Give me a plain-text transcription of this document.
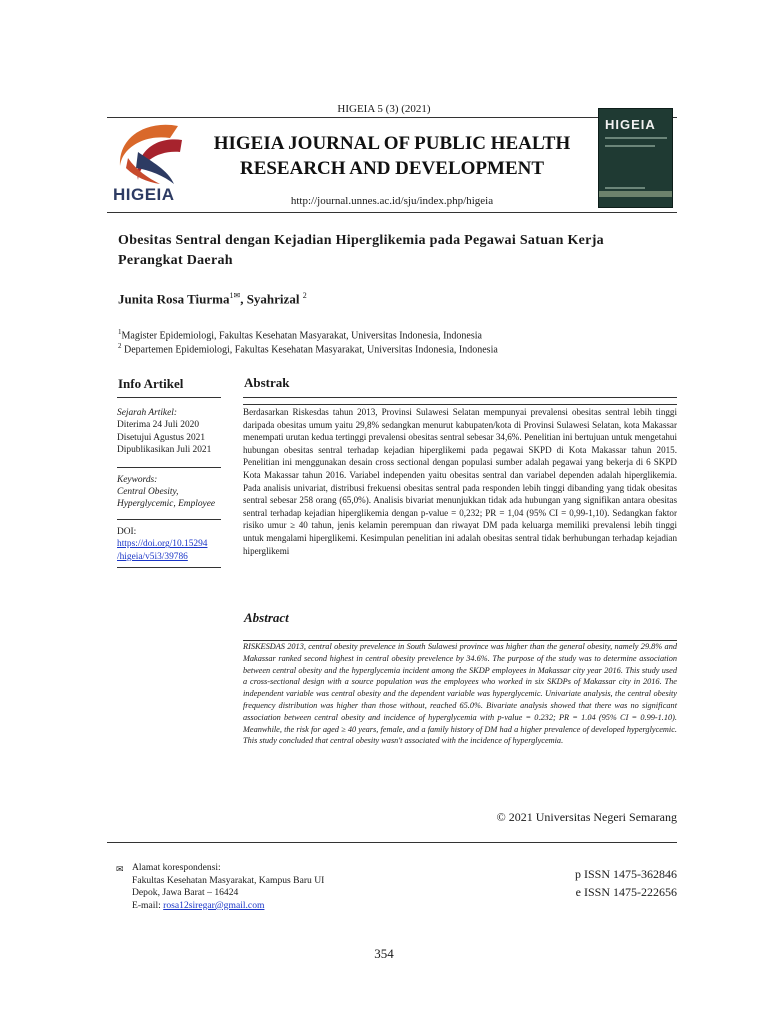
HIGEIA 5 (3) (2021)
HIGEIA
HIGEIA JOURNAL OF PUBLIC HEALTH
RESEARCH AND DEVELOPMENT
http://journal.unnes.ac.id/sju/index.php/higeia
HIGEIA
Obesitas Sentral dengan Kejadian Hiperglikemia pada Pegawai Satuan Kerja
Perangkat Daerah
Junita Rosa Tiurma$^{1✉}$, Syahrizal $^2$
$^1$Magister Epidemiologi, Fakultas Kesehatan Masyarakat, Universitas Indonesia, Indonesia
$^2$ Departemen Epidemiologi, Fakultas Kesehatan Masyarakat, Universitas Indonesia, Indonesia
Info Artikel	Abstrak
Sejarah Artikel:
Diterima 24 Juli 2020
Disetujui Agustus 2021
Dipublikasikan Juli 2021
Keywords:
Central Obesity,
Hyperglycemic, Employee
DOI:
https://doi.org/10.15294
/higeia/v5i3/39786
Berdasarkan Riskesdas tahun 2013, Provinsi Sulawesi Selatan mempunyai prevalensi obesitas sentral lebih tinggi daripada obesitas umum yaitu 29,8% sedangkan menurut kabupaten/kota di Provinsi Sulawesi Selatan, kota Makassar menempati urutan kedua tertinggi prevalensi obesitas sentral sebesar 34,6%. Penelitian ini bertujuan untuk mengetahui hubungan obesitas sentral terhadap kejadian hiperglikemi pada pegawai SKPD di Kota Makassar tahun 2015. Penelitian ini menggunakan desain cross sectional dengan populasi sumber adalah pegawai yang bekerja di 6 SKPD Kota Makassar tahun 2016. Variabel independen yaitu obesitas sentral dan variabel dependen adalah hiperglikemia. Pada analisis univariat, distribusi frekuensi obesitas sentral pada responden lebih tinggi dibanding yang tidak obesitas sentral sebesar 258 orang (65,0%). Analisis bivariat menunjukkan tidak ada hubungan yang signifikan antara obesitas sentral terhadap kejadian hiperglikemia dengan p-value = 0,232; PR = 1,04 (95% CI = 0,99-1,10). Sedangkan faktor risiko umur ≥ 40 tahun, jenis kelamin perempuan dan riwayat DM pada keluarga memiliki prevalensi lebih tinggi untuk mengalami hiperglikemi. Kesimpulan penelitian ini adalah obesitas sentral tidak berhubungan terhadap kejadian hiperglikemi
Abstract
RISKESDAS 2013, central obesity prevelence in South Sulawesi province was higher than the general obesity, namely 29.8% and Makassar ranked second highest in central obesity prevelence by 34.6%. The purpose of the study was to determine association between central obesity and the hyperglycemia incident among the SKDP employees in Makassar city year 2016. This study used a cross-sectional design with a source population was the employees who worked in six SKDPs of Makassar city in 2016. The independent variable was central obesity and the dependent variable was hyperglycemic. Univariate analysis, the central obesity frequency distribution was higher than those without, reached 65.0%. Bivariate analysis showed that there was no significant association between central obesity and incidence of hyperglycemia with p-value = 0.232; PR = 1.04 (95% CI = 0.99-1.10). Meanwhile, the risk for aged ≥ 40 years, female, and a family history of DM had a higher prevalence of developed hyperglycemic. This study concluded that central obesity wasn't associated with the incidence of hyperglycemia.
© 2021 Universitas Negeri Semarang
✉ Alamat korespondensi:
Fakultas Kesehatan Masyarakat, Kampus Baru UI
Depok, Jawa Barat – 16424
E-mail: rosa12siregar@gmail.com
p ISSN 1475-362846
e ISSN 1475-222656
354
